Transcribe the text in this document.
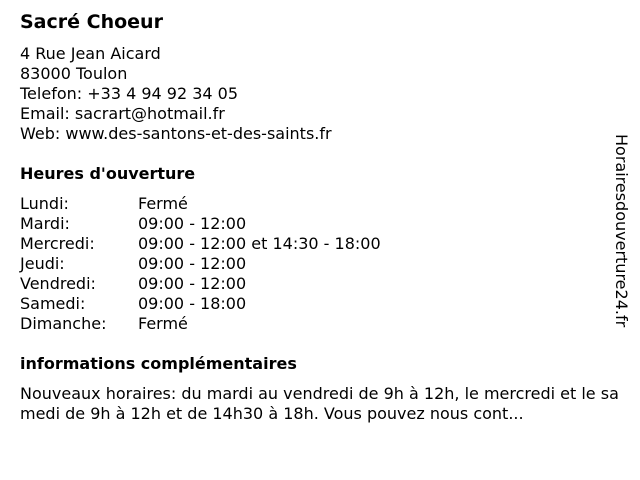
Sacré Choeur
4 Rue Jean Aicard
83000 Toulon
Telefon: +33 4 94 92 34 05
Email: sacrart@hotmail.fr
Web: www.des-santons-et-des-saints.fr
Heures d'ouverture
Lundi:	Fermé
Mardi:	09:00 - 12:00
Mercredi:	09:00 - 12:00 et 14:30 - 18:00
Jeudi:	09:00 - 12:00
Vendredi:	09:00 - 12:00
Samedi:	09:00 - 18:00
Dimanche:	Fermé
informations complémentaires
Nouveaux horaires: du mardi au vendredi de 9h à 12h, le mercredi et le samedi de 9h à 12h et de 14h30 à 18h. Vous pouvez nous cont...
Horairesdouverture24.fr
